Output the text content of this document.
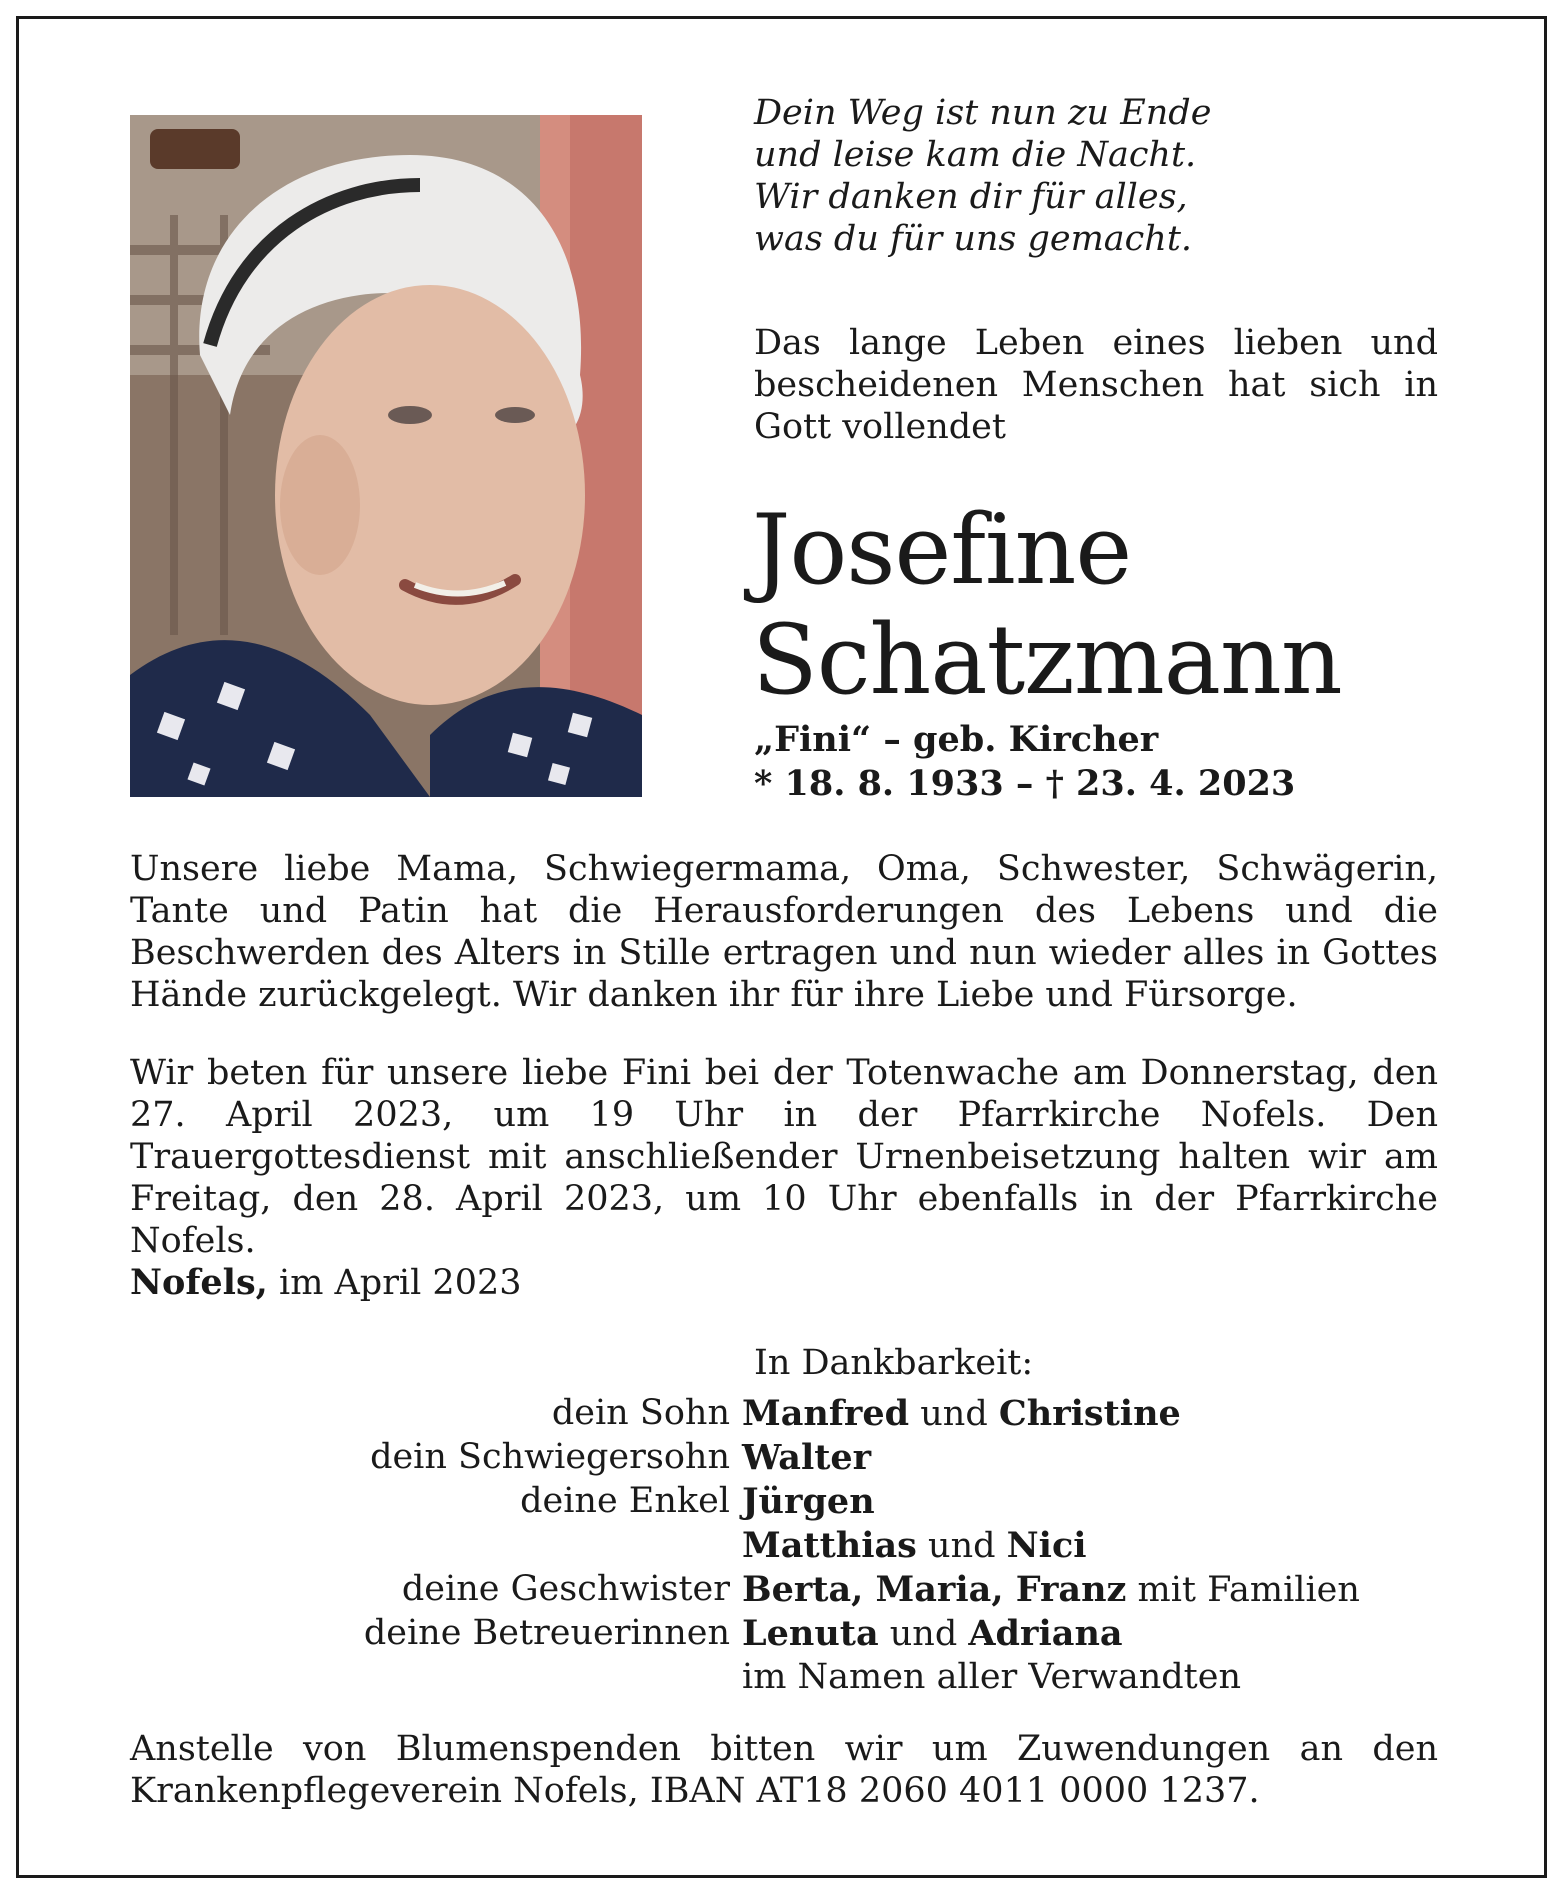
Dein Weg ist nun zu Ende
und leise kam die Nacht.
Wir danken dir für alles,
was du für uns gemacht.
Das lange Leben eines lieben und bescheidenen Menschen hat sich in Gott vollendet
Josefine
Schatzmann
„Fini“ – geb. Kircher
* 18. 8. 1933 – † 23. 4. 2023
Unsere liebe Mama, Schwiegermama, Oma, Schwester, Schwägerin, Tante und Patin hat die Herausforderungen des Lebens und die Beschwerden des Alters in Stille ertragen und nun wieder alles in Gottes Hände zurückgelegt. Wir danken ihr für ihre Liebe und Fürsorge.
Wir beten für unsere liebe Fini bei der Totenwache am Donnerstag, den 27. April 2023, um 19 Uhr in der Pfarrkirche Nofels. Den Trauergottesdienst mit anschließender Urnenbeisetzung halten wir am Freitag, den 28. April 2023, um 10 Uhr ebenfalls in der Pfarrkirche Nofels.
Nofels, im April 2023
In Dankbarkeit:
dein Sohn Manfred und Christine
dein Schwiegersohn Walter
deine Enkel Jürgen
Matthias und Nici
deine Geschwister Berta, Maria, Franz mit Familien
deine Betreuerinnen Lenuta und Adriana
im Namen aller Verwandten
Anstelle von Blumenspenden bitten wir um Zuwendungen an den Krankenpflegeverein Nofels, IBAN AT18 2060 4011 0000 1237.
